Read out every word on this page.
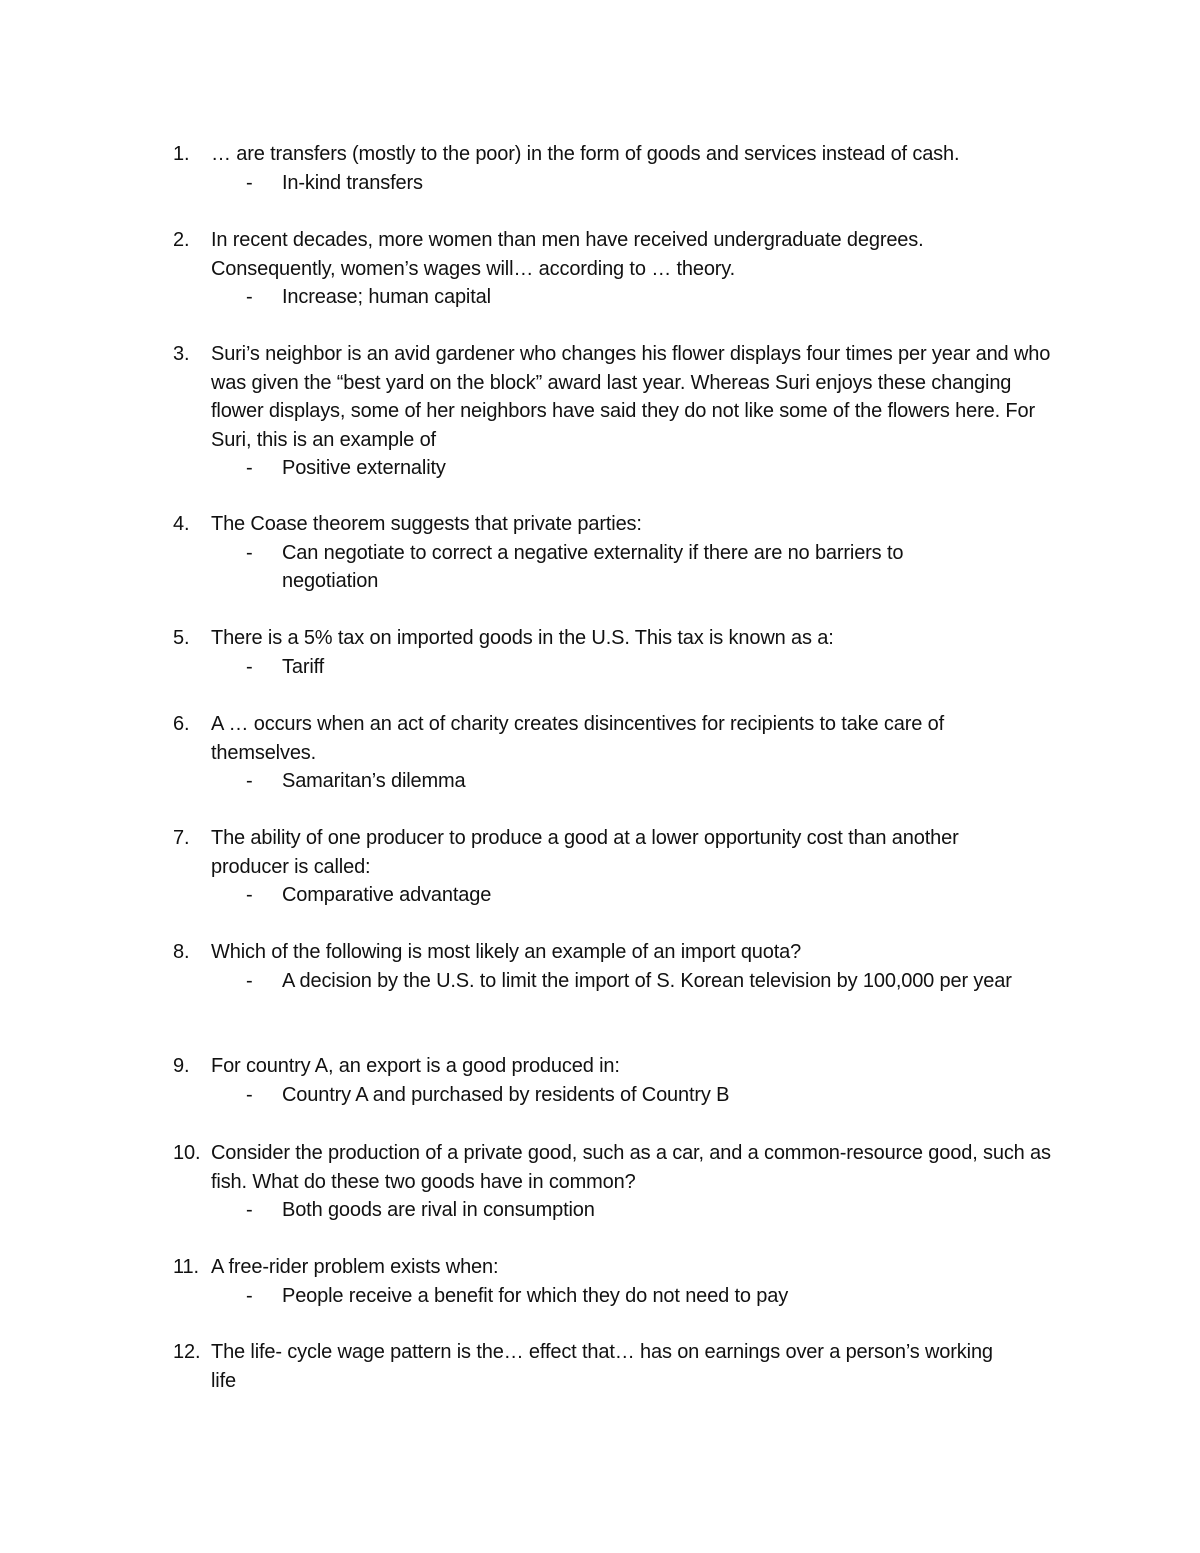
1.	… are transfers (mostly to the poor) in the form of goods and services instead of cash.
- In-kind transfers
2.	In recent decades, more women than men have received undergraduate degrees. Consequently, women’s wages will… according to … theory.
- Increase; human capital
3.	Suri’s neighbor is an avid gardener who changes his flower displays four times per year and who was given the “best yard on the block” award last year. Whereas Suri enjoys these changing flower displays, some of her neighbors have said they do not like some of the flowers here. For Suri, this is an example of
- Positive externality
4.	The Coase theorem suggests that private parties:
- Can negotiate to correct a negative externality if there are no barriers to negotiation
5.	There is a 5% tax on imported goods in the U.S. This tax is known as a:
- Tariff
6.	A … occurs when an act of charity creates disincentives for recipients to take care of themselves.
- Samaritan’s dilemma
7.	The ability of one producer to produce a good at a lower opportunity cost than another producer is called:
- Comparative advantage
8.	Which of the following is most likely an example of an import quota?
- A decision by the U.S. to limit the import of S. Korean television by 100,000 per year
9.	For country A, an export is a good produced in:
- Country A and purchased by residents of Country B
10. Consider the production of a private good, such as a car, and a common-resource good, such as fish. What do these two goods have in common?
- Both goods are rival in consumption
11. A free-rider problem exists when:
- People receive a benefit for which they do not need to pay
12. The life- cycle wage pattern is the… effect that… has on earnings over a person’s working life
